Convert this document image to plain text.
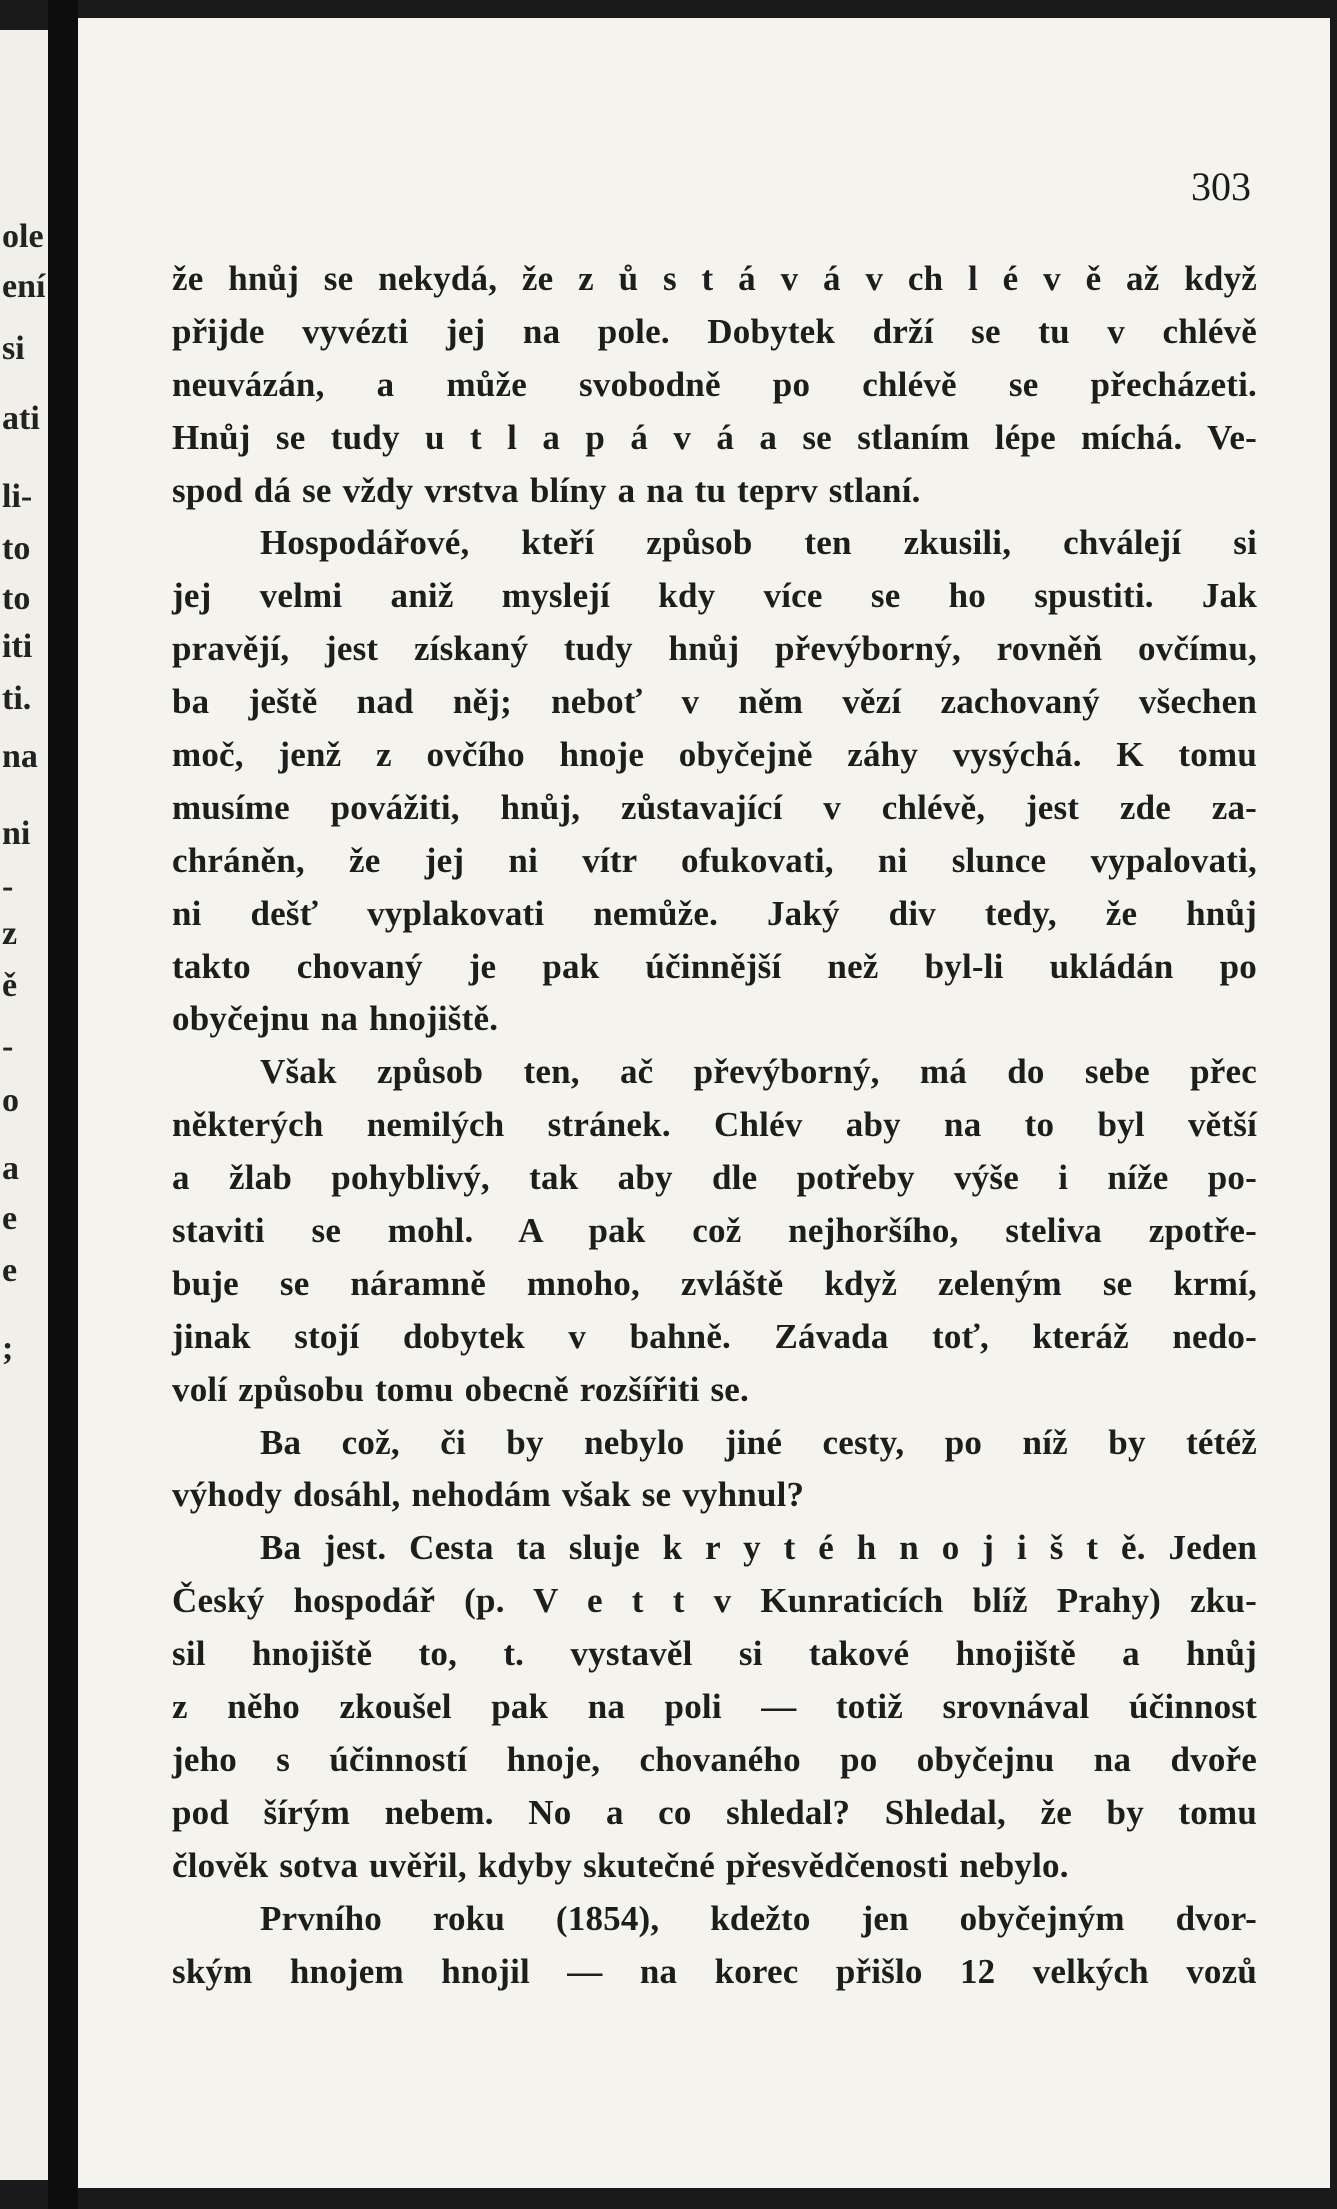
ole
ení
si
ati
li-
to
to
iti
ti.
na
ni
-
z
ě
-
o
a
e
e
;
303
že hnůj se nekydá, že z ů s t á v á v ch l é v ě až když
přijde vyvézti jej na pole. Dobytek drží se tu v chlévě
neuvázán, a může svobodně po chlévě se přecházeti.
Hnůj se tudy u t l a p á v á a se stlaním lépe míchá. Ve-
spod dá se vždy vrstva blíny a na tu teprv stlaní.
Hospodářové, kteří způsob ten zkusili, chválejí si
jej velmi aniž myslejí kdy více se ho spustiti. Jak
pravějí, jest získaný tudy hnůj převýborný, rovněň ovčímu,
ba ještě nad něj; neboť v něm vězí zachovaný všechen
moč, jenž z ovčího hnoje obyčejně záhy vysýchá. K tomu
musíme povážiti, hnůj, zůstavající v chlévě, jest zde za-
chráněn, že jej ni vítr ofukovati, ni slunce vypalovati,
ni dešť vyplakovati nemůže. Jaký div tedy, že hnůj
takto chovaný je pak účinnější než byl-li ukládán po
obyčejnu na hnojiště.
Však způsob ten, ač převýborný, má do sebe přec
některých nemilých stránek. Chlév aby na to byl větší
a žlab pohyblivý, tak aby dle potřeby výše i níže po-
staviti se mohl. A pak což nejhoršího, steliva zpotře-
buje se náramně mnoho, zvláště když zeleným se krmí,
jinak stojí dobytek v bahně. Závada toť, kteráž nedo-
volí způsobu tomu obecně rozšířiti se.
Ba což, či by nebylo jiné cesty, po níž by tétéž
výhody dosáhl, nehodám však se vyhnul?
Ba jest. Cesta ta sluje k r y t é h n o j i š t ě. Jeden
Český hospodář (p. V e t t v Kunraticích blíž Prahy) zku-
sil hnojiště to, t. vystavěl si takové hnojiště a hnůj
z něho zkoušel pak na poli — totiž srovnával účinnost
jeho s účinností hnoje, chovaného po obyčejnu na dvoře
pod šírým nebem. No a co shledal? Shledal, že by tomu
člověk sotva uvěřil, kdyby skutečné přesvědčenosti nebylo.
Prvního roku (1854), kdežto jen obyčejným dvor-
ským hnojem hnojil — na korec přišlo 12 velkých vozů
